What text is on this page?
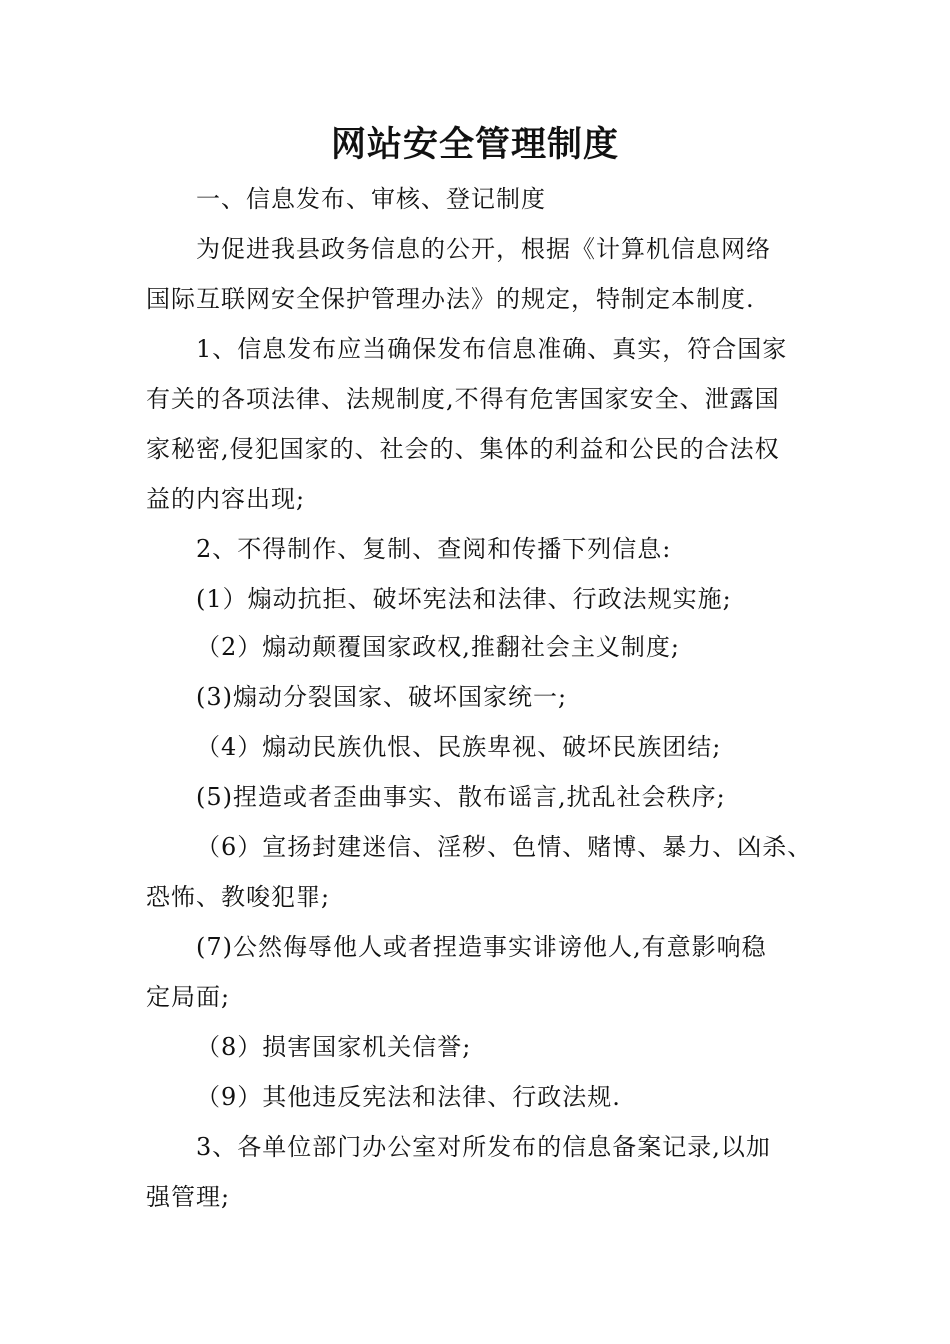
网站安全管理制度
一、信息发布、审核、登记制度
为促进我县政务信息的公开，根据《计算机信息网络
国际互联网安全保护管理办法》的规定，特制定本制度.
1、信息发布应当确保发布信息准确、真实，符合国家
有关的各项法律、法规制度,不得有危害国家安全、泄露国
家秘密,侵犯国家的、社会的、集体的利益和公民的合法权
益的内容出现;
2、不得制作、复制、查阅和传播下列信息:
(1）煽动抗拒、破坏宪法和法律、行政法规实施;
（2）煽动颠覆国家政权,推翻社会主义制度;
(3)煽动分裂国家、破坏国家统一;
（4）煽动民族仇恨、民族卑视、破坏民族团结;
(5)捏造或者歪曲事实、散布谣言,扰乱社会秩序;
（6）宣扬封建迷信、淫秽、色情、赌博、暴力、凶杀、
恐怖、教唆犯罪;
(7)公然侮辱他人或者捏造事实诽谤他人,有意影响稳
定局面;
（8）损害国家机关信誉;
（9）其他违反宪法和法律、行政法规.
3、各单位部门办公室对所发布的信息备案记录,以加
强管理;
